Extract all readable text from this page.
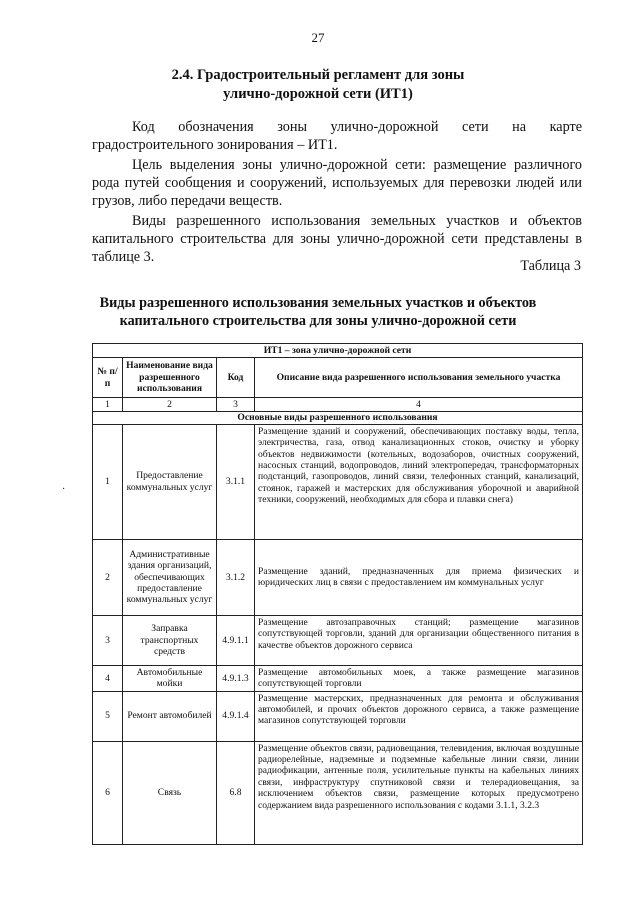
27
2.4. Градостроительный регламент для зоны
улично-дорожной сети (ИТ1)
Код обозначения зоны улично-дорожной сети на карте градостроительного зонирования – ИТ1.
Цель выделения зоны улично-дорожной сети: размещение различного рода путей сообщения и сооружений, используемых для перевозки людей или грузов, либо передачи веществ.
Виды разрешенного использования земельных участков и объектов капитального строительства для зоны улично-дорожной сети представлены в таблице 3.
Таблица 3
Виды разрешенного использования земельных участков и объектов
капитального строительства для зоны улично-дорожной сети
·
ИТ1 – зона улично-дорожной сети			
№ п/п	Наименование вида разрешенного использования	Код	Описание вида разрешенного использования земельного участка
1	2	3	4
Основные виды разрешенного использования			
1	Предоставление коммунальных услуг	3.1.1	Размещение зданий и сооружений, обеспечивающих поставку воды, тепла, электричества, газа, отвод канализационных стоков, очистку и уборку объектов недвижимости (котельных, водозаборов, очистных сооружений, насосных станций, водопроводов, линий электропередач, трансформаторных подстанций, газопроводов, линий связи, телефонных станций, канализаций, стоянок, гаражей и мастерских для обслуживания уборочной и аварийной техники, сооружений, необходимых для сбора и плавки снега)
2	Административные здания организаций, обеспечивающих предоставление коммунальных услуг	3.1.2	Размещение зданий, предназначенных для приема физических и юридических лиц в связи с предоставлением им коммунальных услуг
3	Заправка транспортных средств	4.9.1.1	Размещение автозаправочных станций; размещение магазинов сопутствующей торговли, зданий для организации общественного питания в качестве объектов дорожного сервиса
4	Автомобильные мойки	4.9.1.3	Размещение автомобильных моек, а также размещение магазинов сопутствующей торговли
5	Ремонт автомобилей	4.9.1.4	Размещение мастерских, предназначенных для ремонта и обслуживания автомобилей, и прочих объектов дорожного сервиса, а также размещение магазинов сопутствующей торговли
6	Связь	6.8	Размещение объектов связи, радиовещания, телевидения, включая воздушные радиорелейные, надземные и подземные кабельные линии связи, линии радиофикации, антенные поля, усилительные пункты на кабельных линиях связи, инфраструктуру спутниковой связи и телерадиовещания, за исключением объектов связи, размещение которых предусмотрено содержанием вида разрешенного использования с кодами 3.1.1, 3.2.3
